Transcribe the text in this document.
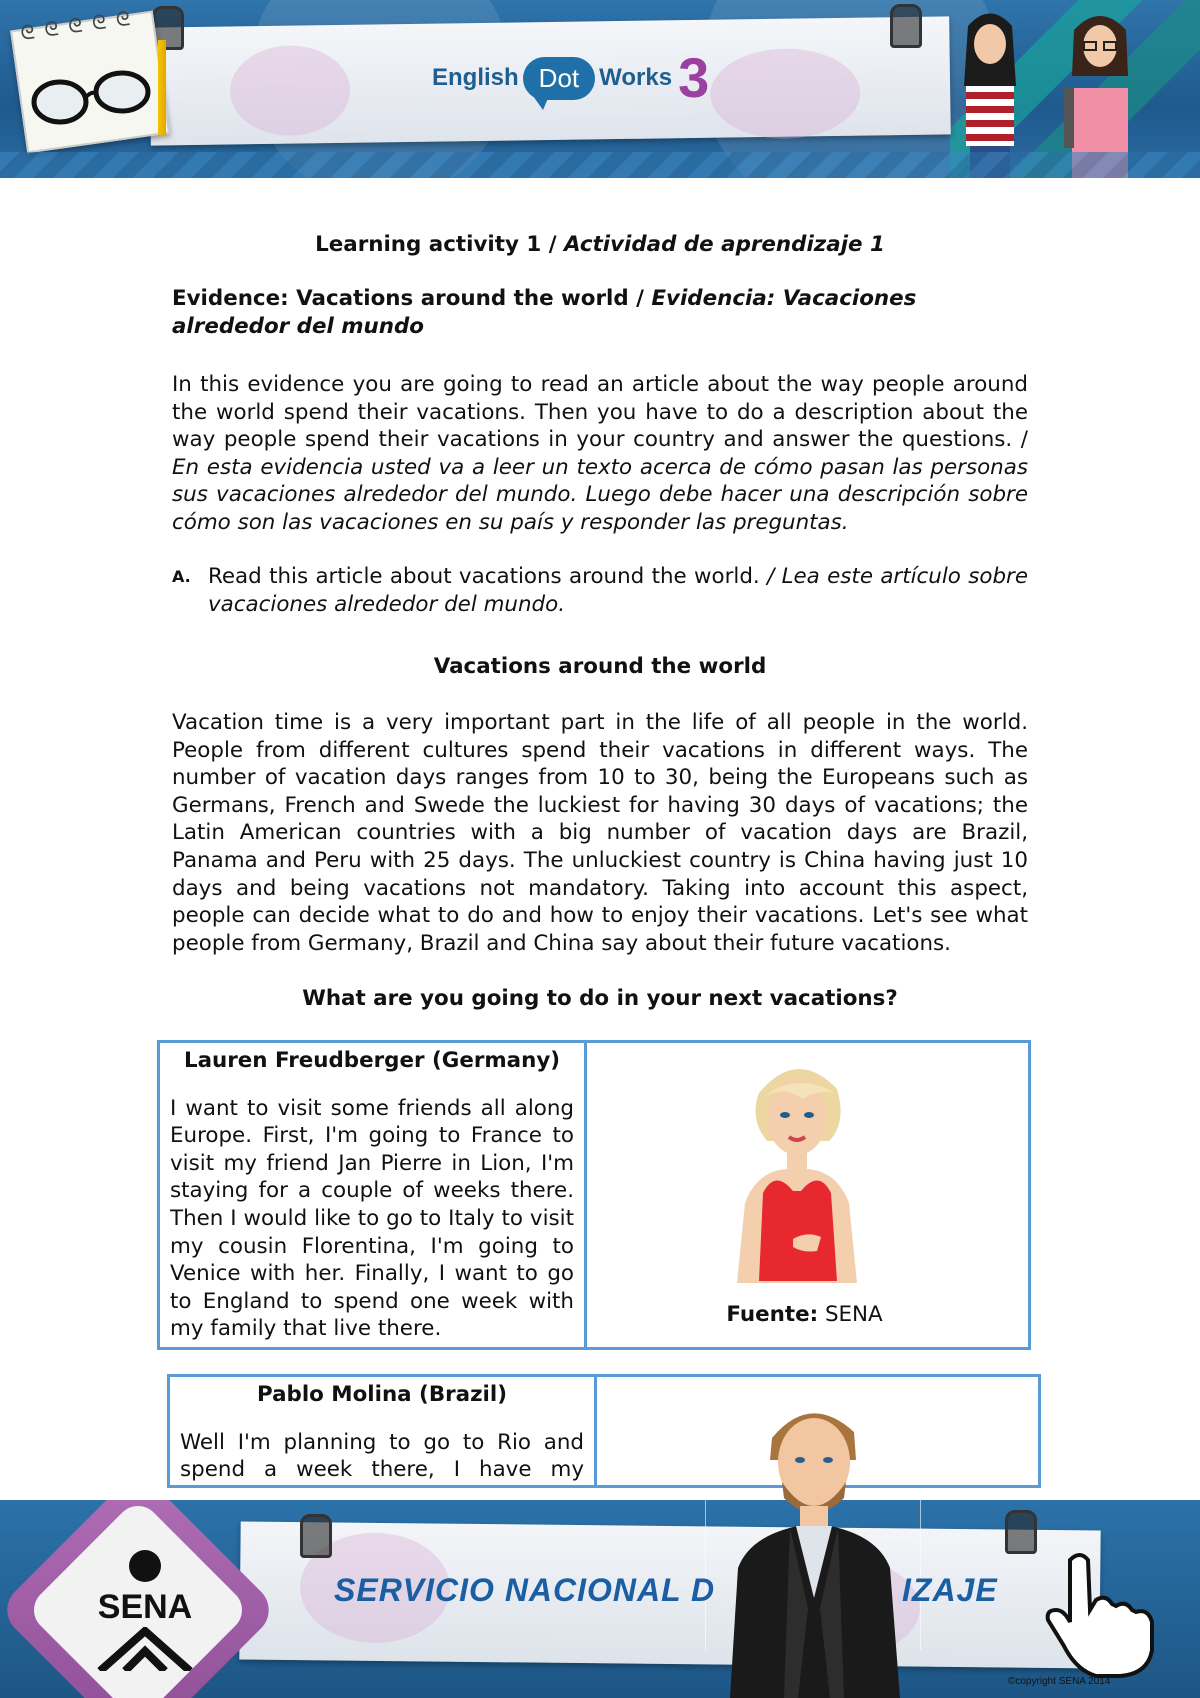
ᘓᘓᘓᘓᘓ
English Dot Works 3

Learning activity 1 / Actividad de aprendizaje 1

Evidence: Vacations around the world / Evidencia: Vacaciones alrededor del mundo

In this evidence you are going to read an article about the way people around the world spend their vacations. Then you have to do a description about the way people spend their vacations in your country and answer the questions. / En esta evidencia usted va a leer un texto acerca de cómo pasan las personas sus vacaciones alrededor del mundo. Luego debe hacer una descripción sobre cómo son las vacaciones en su país y responder las preguntas.

A. Read this article about vacations around the world. / Lea este artículo sobre vacaciones alrededor del mundo.

Vacations around the world

Vacation time is a very important part in the life of all people in the world. People from different cultures spend their vacations in different ways. The number of vacation days ranges from 10 to 30, being the Europeans such as Germans, French and Swede the luckiest for having 30 days of vacations; the Latin American countries with a big number of vacation days are Brazil, Panama and Peru with 25 days. The unluckiest country is China having just 10 days and being vacations not mandatory. Taking into account this aspect, people can decide what to do and how to enjoy their vacations. Let's see what people from Germany, Brazil and China say about their future vacations.

What are you going to do in your next vacations?

Lauren Freudberger (Germany)

I want to visit some friends all along Europe. First, I'm going to France to visit my friend Jan Pierre in Lion, I'm staying for a couple of weeks there. Then I would like to go to Italy to visit my cousin Florentina, I'm going to Venice with her. Finally, I want to go to England to spend one week with my family that live there.

Fuente: SENA

Pablo Molina (Brazil)

Well I'm planning to go to Rio and spend a week there, I have my

SENA	SERVICIO NACIONAL D	IZAJE
©copyright SENA 2014
